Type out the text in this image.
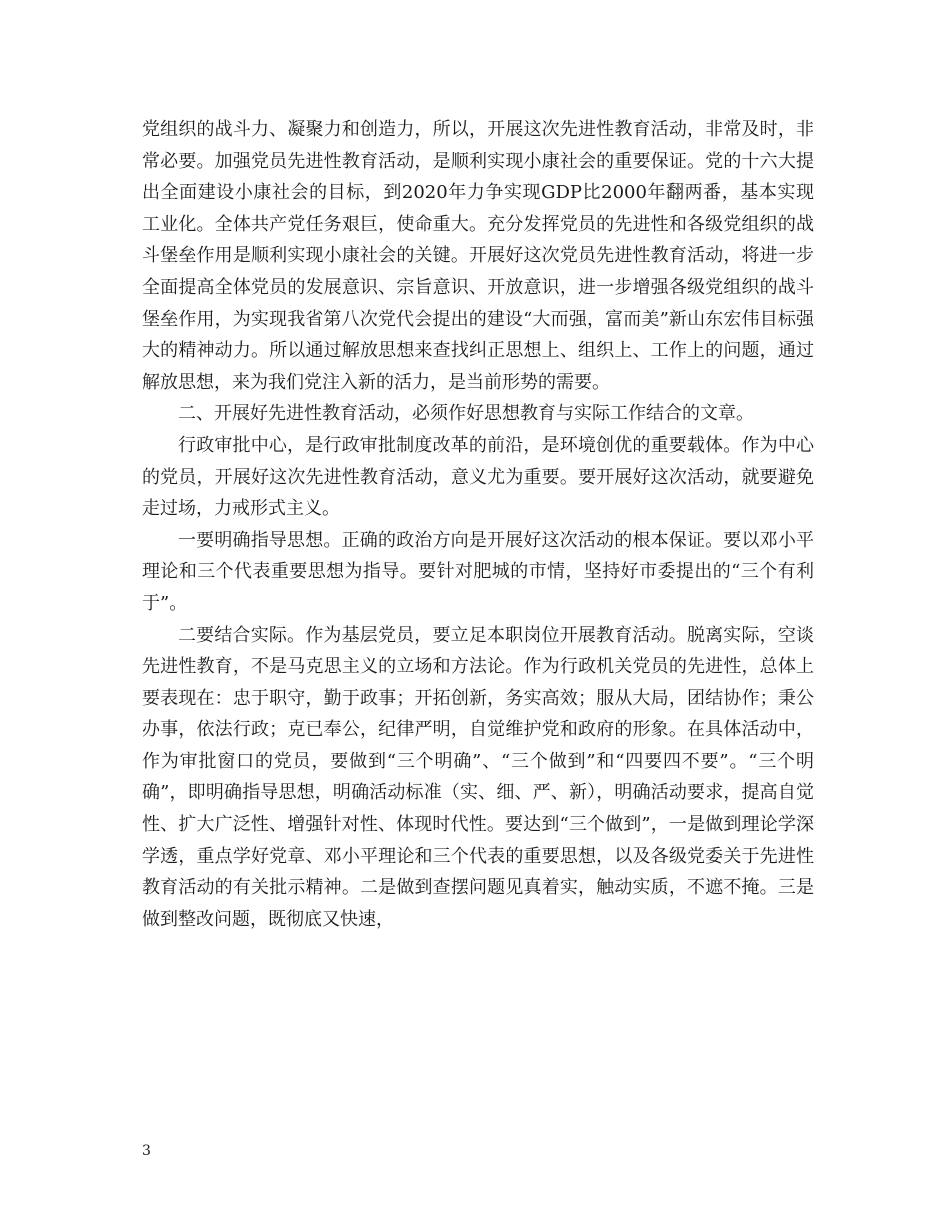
党组织的战斗力、凝聚力和创造力，所以，开展这次先进性教育活动，非常及时，非常必要。加强党员先进性教育活动，是顺利实现小康社会的重要保证。党的十六大提出全面建设小康社会的目标，到2020年力争实现GDP比2000年翻两番，基本实现工业化。全体共产党任务艰巨，使命重大。充分发挥党员的先进性和各级党组织的战斗堡垒作用是顺利实现小康社会的关键。开展好这次党员先进性教育活动，将进一步全面提高全体党员的发展意识、宗旨意识、开放意识，进一步增强各级党组织的战斗堡垒作用，为实现我省第八次党代会提出的建设“大而强，富而美”新山东宏伟目标强大的精神动力。所以通过解放思想来查找纠正思想上、组织上、工作上的问题，通过解放思想，来为我们党注入新的活力，是当前形势的需要。

二、开展好先进性教育活动，必须作好思想教育与实际工作结合的文章。

行政审批中心，是行政审批制度改革的前沿，是环境创优的重要载体。作为中心的党员，开展好这次先进性教育活动，意义尤为重要。要开展好这次活动，就要避免走过场，力戒形式主义。

一要明确指导思想。正确的政治方向是开展好这次活动的根本保证。要以邓小平理论和三个代表重要思想为指导。要针对肥城的市情，坚持好市委提出的“三个有利于”。

二要结合实际。作为基层党员，要立足本职岗位开展教育活动。脱离实际，空谈先进性教育，不是马克思主义的立场和方法论。作为行政机关党员的先进性，总体上要表现在：忠于职守，勤于政事；开拓创新，务实高效；服从大局，团结协作；秉公办事，依法行政；克已奉公，纪律严明，自觉维护党和政府的形象。在具体活动中，作为审批窗口的党员，要做到“三个明确”、“三个做到”和“四要四不要”。“三个明确”，即明确指导思想，明确活动标准（实、细、严、新），明确活动要求，提高自觉性、扩大广泛性、增强针对性、体现时代性。要达到“三个做到”，一是做到理论学深学透，重点学好党章、邓小平理论和三个代表的重要思想，以及各级党委关于先进性教育活动的有关批示精神。二是做到查摆问题见真着实，触动实质，不遮不掩。三是做到整改问题，既彻底又快速，

3
